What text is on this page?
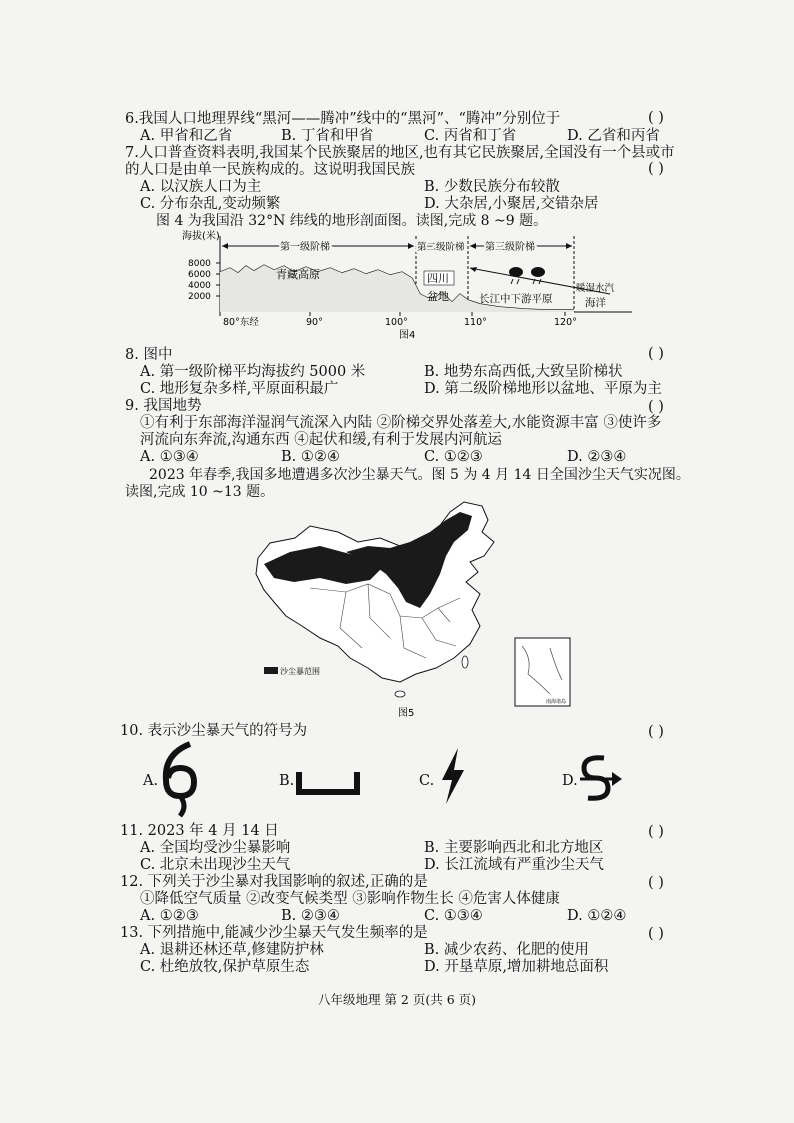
6.我国人口地理界线“黑河——腾冲”线中的“黑河”、“腾冲”分别位于	( )
A. 甲省和乙省	B. 丁省和甲省	C. 丙省和丁省	D. 乙省和丙省
7.人口普查资料表明,我国某个民族聚居的地区,也有其它民族聚居,全国没有一个县或市
的人口是由单一民族构成的。这说明我国民族	( )
A. 以汉族人口为主	B. 少数民族分布较散
C. 分布杂乱,变动频繁	D. 大杂居,小聚居,交错杂居
图 4 为我国沿 32°N 纬线的地形剖面图。读图,完成 8 ~9 题。
海拔(米)
8000
6000
4000
2000
第一级阶梯	第二级阶梯 第三级阶梯
青藏高原	四川
盆地	长江中下游平原
暖湿水汽
海洋
80°东经	90°	100°	110°	120°
图4
8. 图中	( )
A. 第一级阶梯平均海拔约 5000 米	B. 地势东高西低,大致呈阶梯状
C. 地形复杂多样,平原面积最广	D. 第二级阶梯地形以盆地、平原为主
9. 我国地势	( )
①有利于东部海洋湿润气流深入内陆 ②阶梯交界处落差大,水能资源丰富 ③使许多
河流向东奔流,沟通东西 ④起伏和缓,有利于发展内河航运
A. ①③④	B. ①②④	C. ①②③	D. ②③④
2023 年春季,我国多地遭遇多次沙尘暴天气。图 5 为 4 月 14 日全国沙尘天气实况图。
读图,完成 10 ~13 题。
沙尘暴范围
南海诸岛
图5
10. 表示沙尘暴天气的符号为	( )
A.	B.	C.	D.
11. 2023 年 4 月 14 日	( )
A. 全国均受沙尘暴影响	B. 主要影响西北和北方地区
C. 北京未出现沙尘天气	D. 长江流域有严重沙尘天气
12. 下列关于沙尘暴对我国影响的叙述,正确的是	( )
①降低空气质量 ②改变气候类型 ③影响作物生长 ④危害人体健康
A. ①②③	B. ②③④	C. ①③④	D. ①②④
13. 下列措施中,能减少沙尘暴天气发生频率的是	( )
A. 退耕还林还草,修建防护林	B. 减少农药、化肥的使用
C. 杜绝放牧,保护草原生态	D. 开垦草原,增加耕地总面积
八年级地理 第 2 页(共 6 页)
